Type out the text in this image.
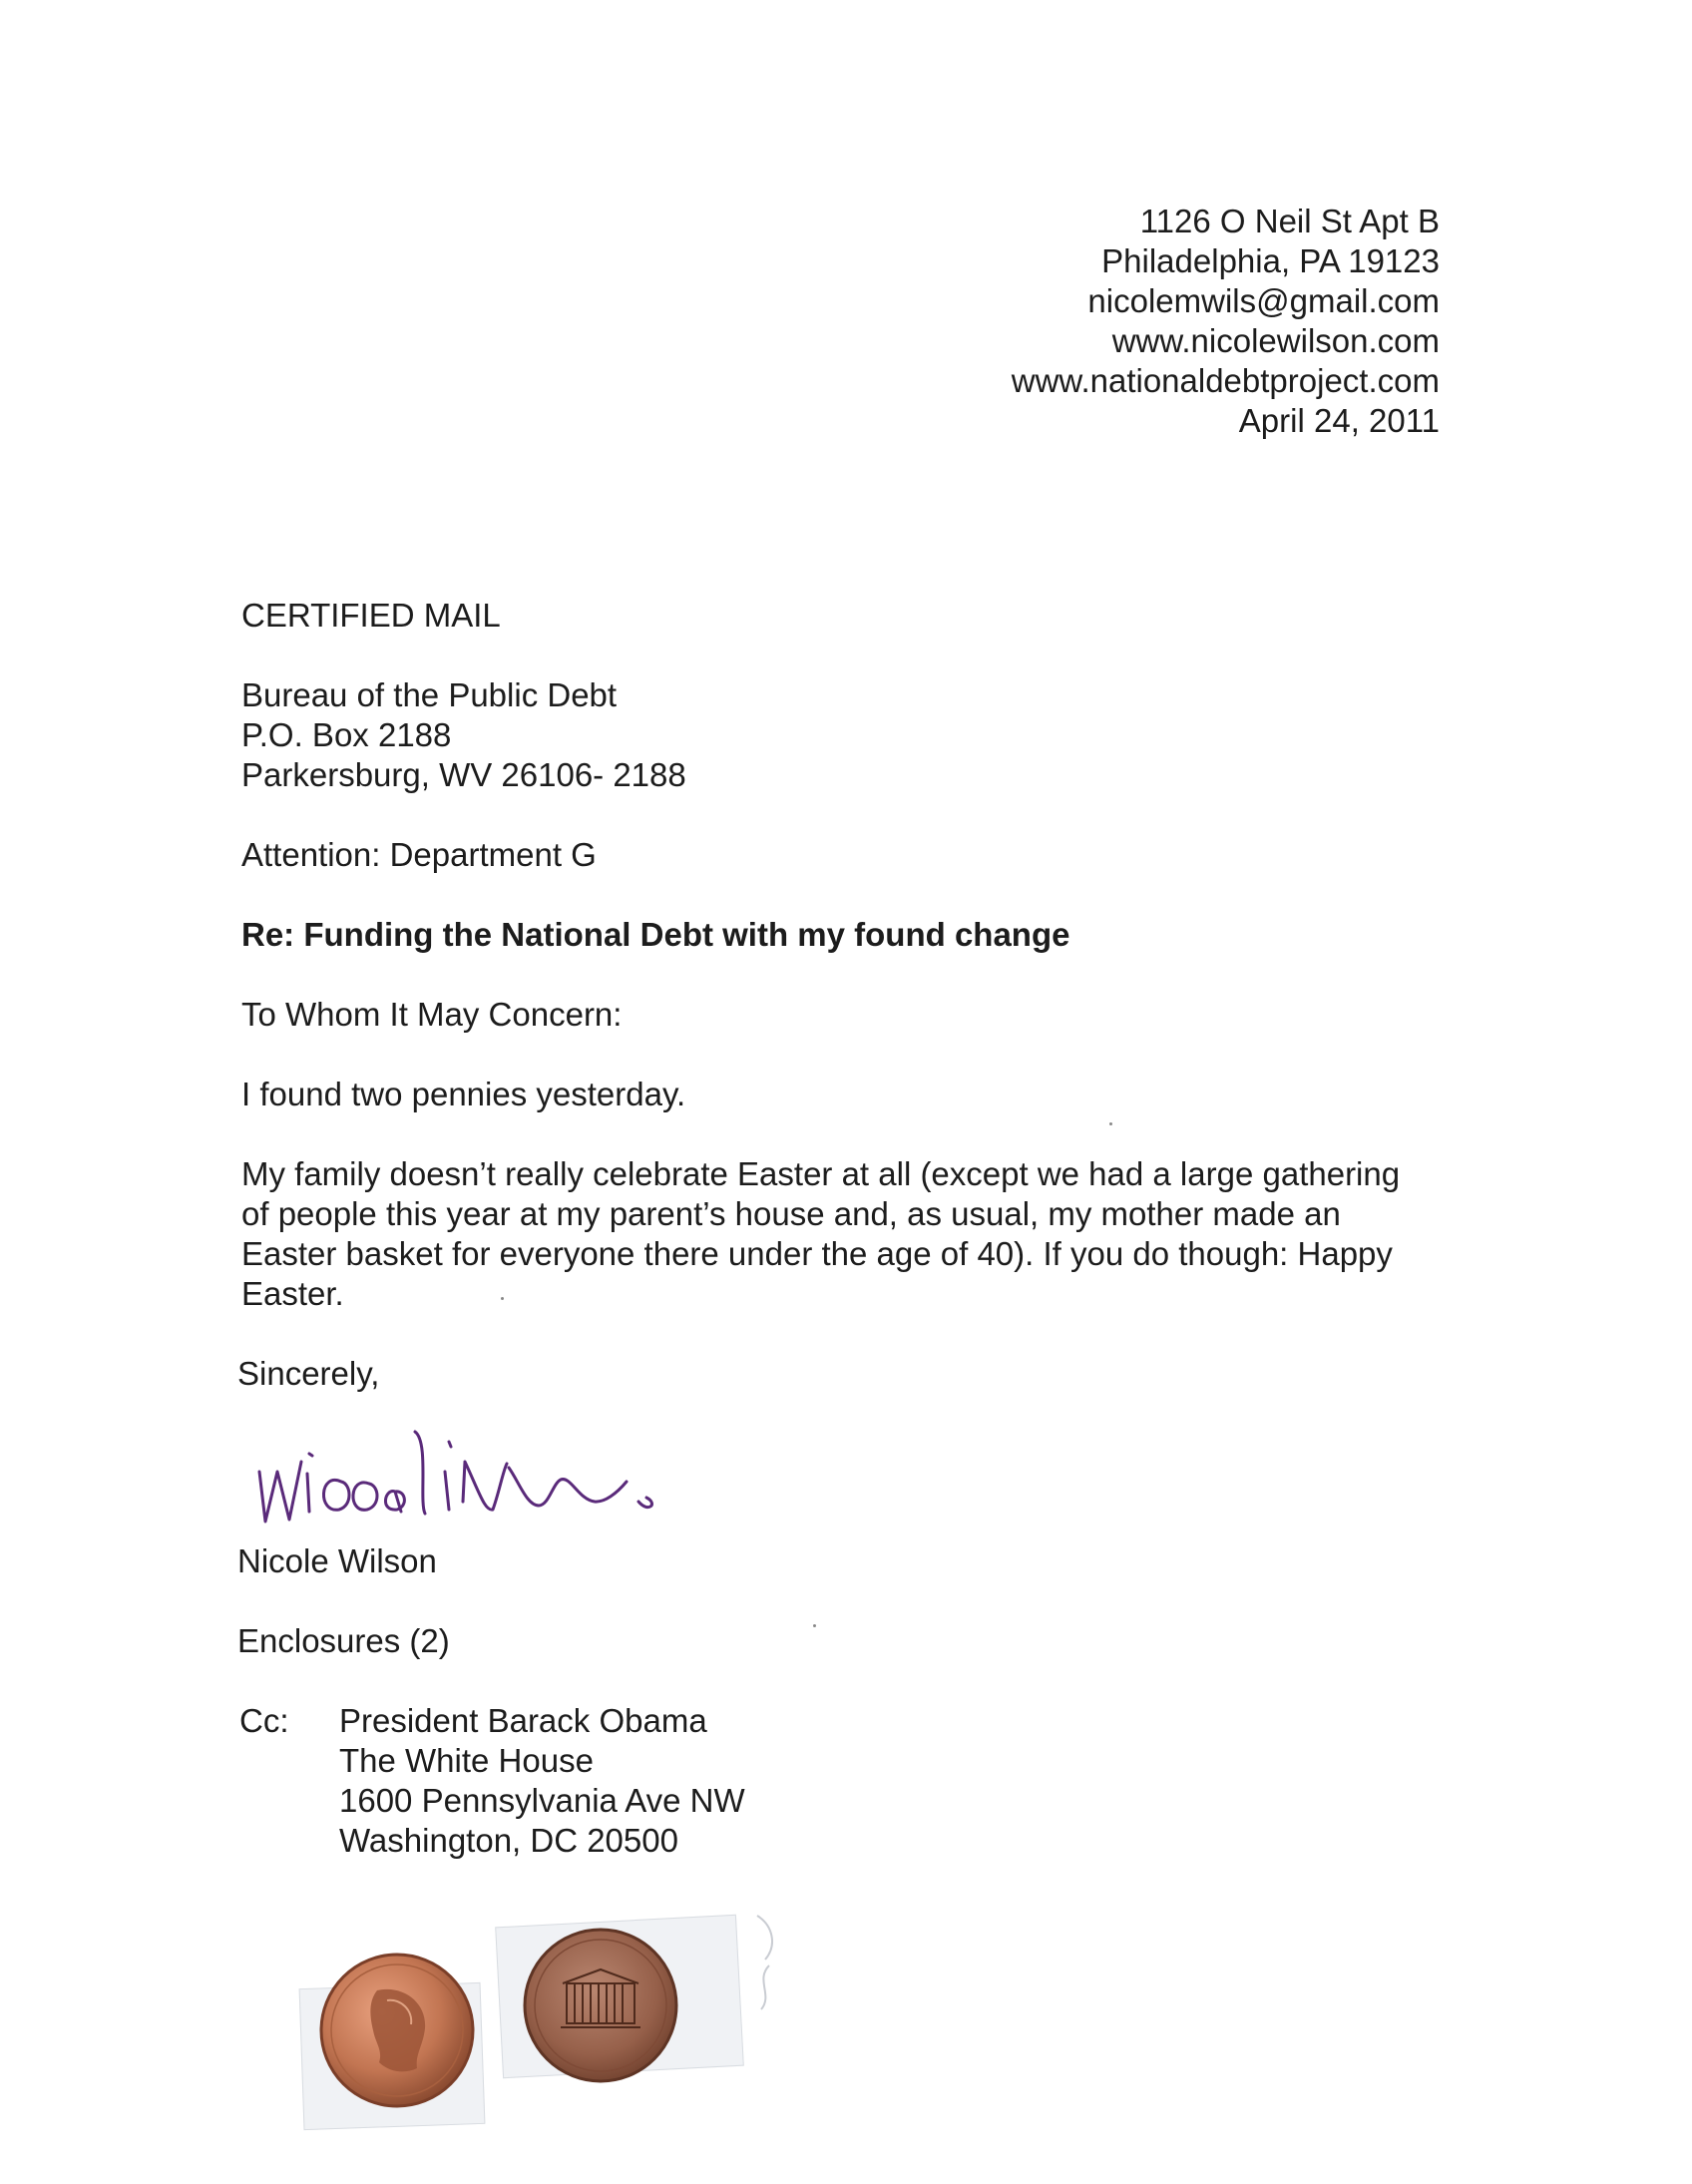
1126 O Neil St Apt B
Philadelphia, PA 19123
nicolemwils@gmail.com
www.nicolewilson.com
www.nationaldebtproject.com
April 24, 2011
CERTIFIED MAIL
Bureau of the Public Debt
P.O. Box 2188
Parkersburg, WV 26106- 2188
Attention: Department G
Re: Funding the National Debt with my found change
To Whom It May Concern:
I found two pennies yesterday.
My family doesn’t really celebrate Easter at all (except we had a large gathering
of people this year at my parent’s house and, as usual, my mother made an
Easter basket for everyone there under the age of 40). If you do though: Happy
Easter.
Sincerely,
Nicole Wilson
Enclosures (2)
Cc: President Barack Obama
The White House
1600 Pennsylvania Ave NW
Washington, DC 20500
